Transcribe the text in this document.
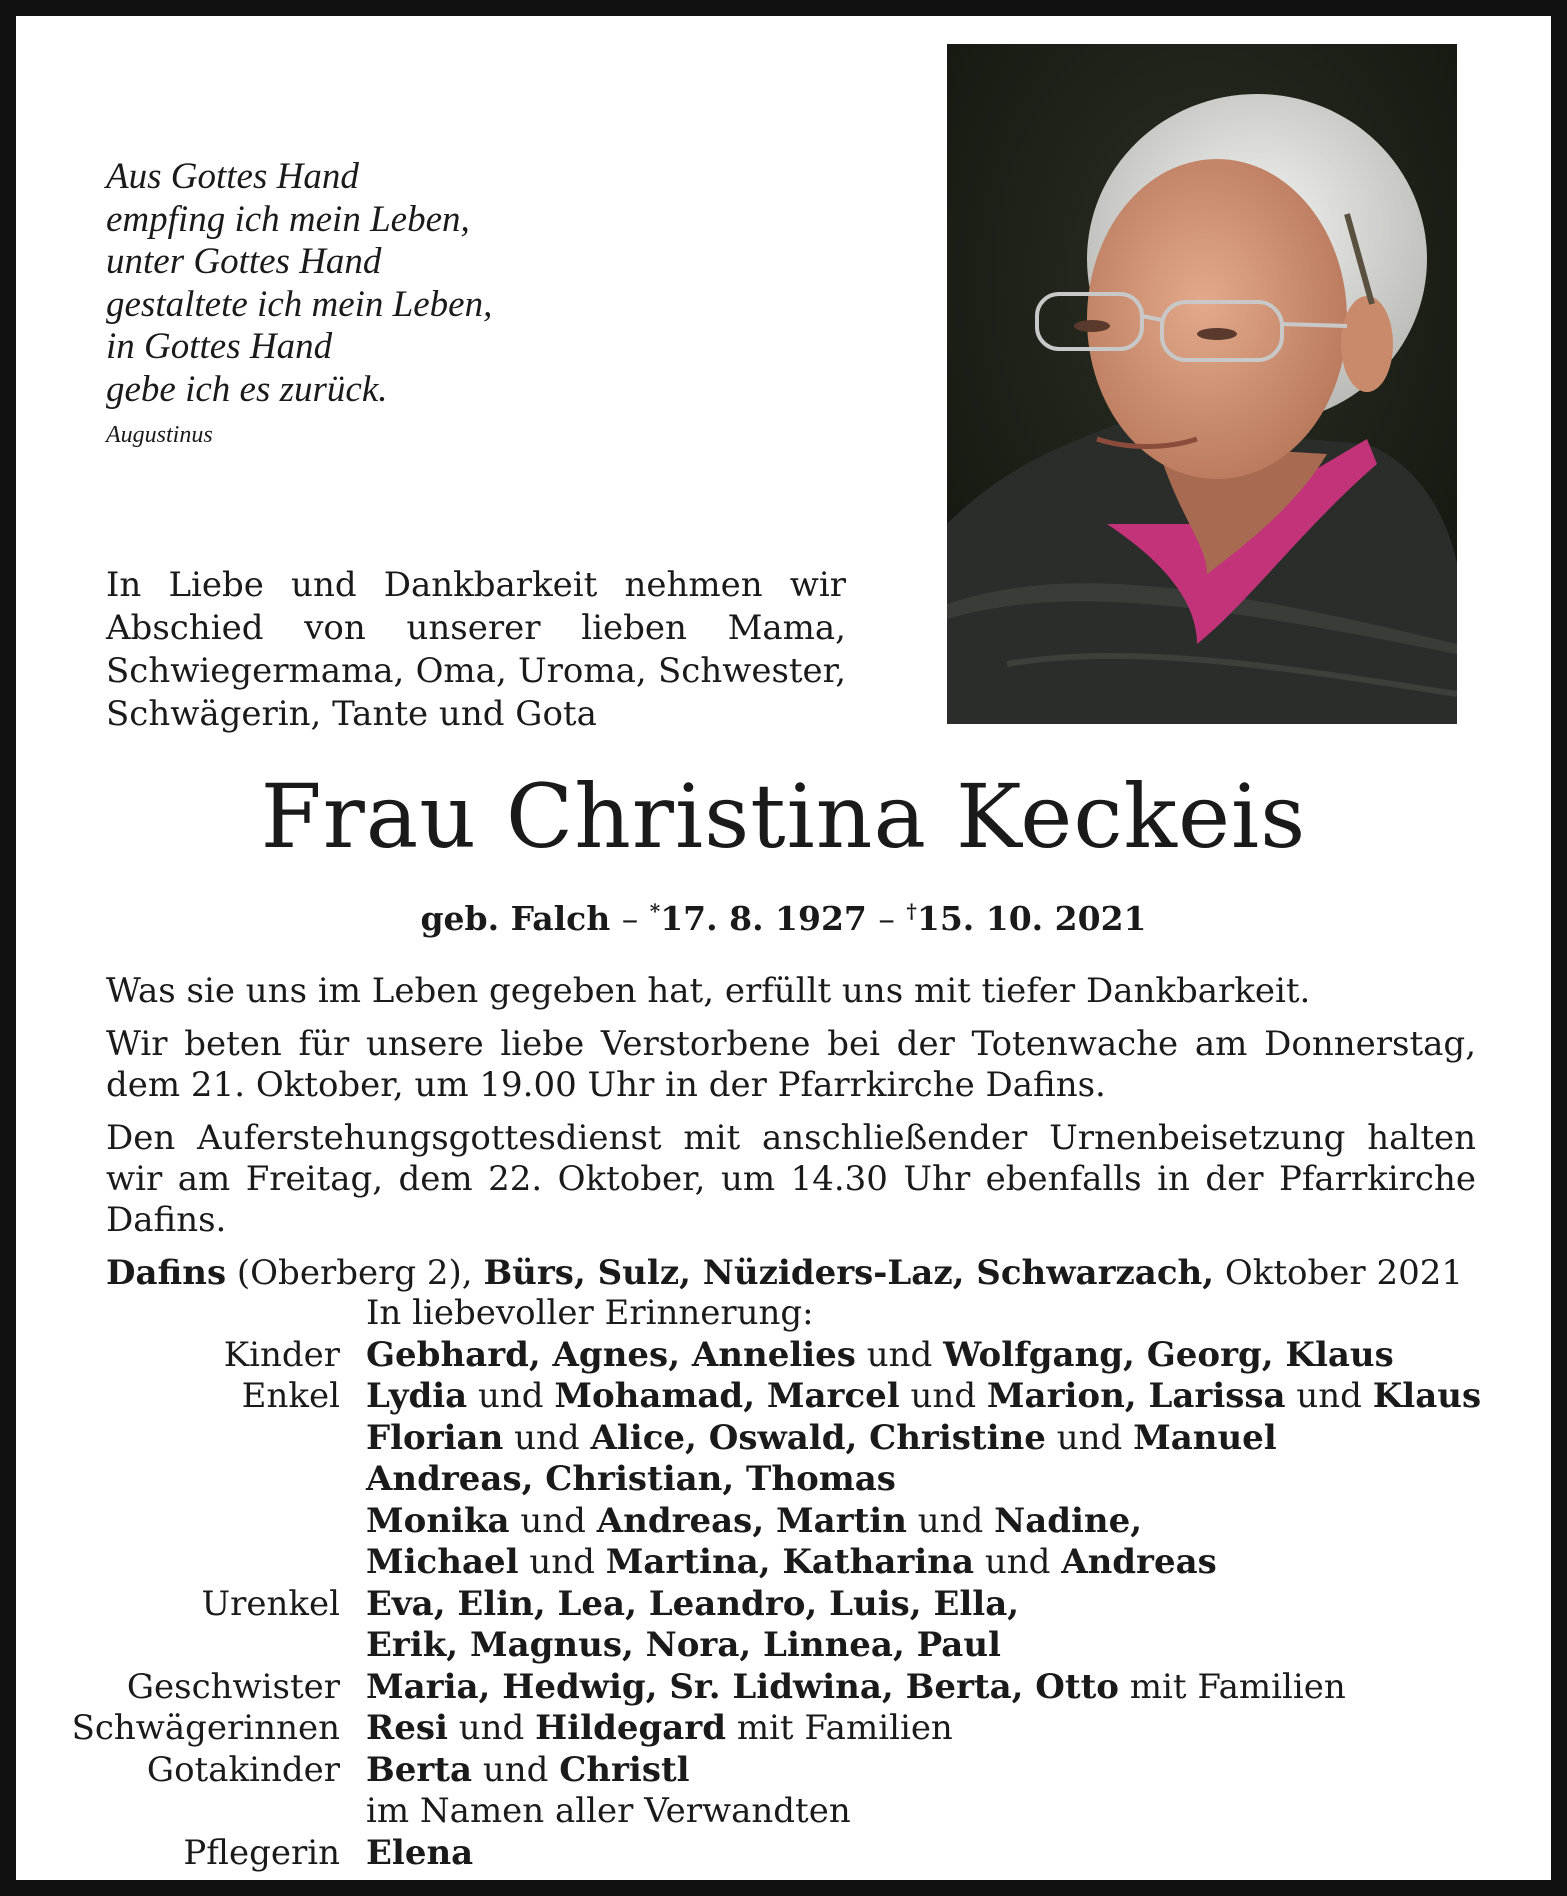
Aus Gottes Hand
empfing ich mein Leben,
unter Gottes Hand
gestaltete ich mein Leben,
in Gottes Hand
gebe ich es zurück.
Augustinus
In Liebe und Dankbarkeit nehmen wir Abschied von unserer lieben Mama, Schwiegermama, Oma, Uroma, Schwester, Schwägerin, Tante und Gota
Frau Christina Keckeis
geb. Falch – *17. 8. 1927 – †15. 10. 2021

Was sie uns im Leben gegeben hat, erfüllt uns mit tiefer Dankbarkeit.

Wir beten für unsere liebe Verstorbene bei der Totenwache am Donnerstag, dem 21. Oktober, um 19.00 Uhr in der Pfarrkirche Dafins.

Den Auferstehungsgottesdienst mit anschließender Urnenbeisetzung halten wir am Freitag, dem 22. Oktober, um 14.30 Uhr ebenfalls in der Pfarrkirche Dafins.

Dafins (Oberberg 2), Bürs, Sulz, Nüziders-Laz, Schwarzach, Oktober 2021

In liebevoller Erinnerung:
Kinder Gebhard, Agnes, Annelies und Wolfgang, Georg, Klaus
Enkel Lydia und Mohamad, Marcel und Marion, Larissa und Klaus
Florian und Alice, Oswald, Christine und Manuel
Andreas, Christian, Thomas
Monika und Andreas, Martin und Nadine,
Michael und Martina, Katharina und Andreas
Urenkel Eva, Elin, Lea, Leandro, Luis, Ella,
Erik, Magnus, Nora, Linnea, Paul
Geschwister Maria, Hedwig, Sr. Lidwina, Berta, Otto mit Familien
Schwägerinnen Resi und Hildegard mit Familien
Gotakinder Berta und Christl
im Namen aller Verwandten
Pflegerin Elena
